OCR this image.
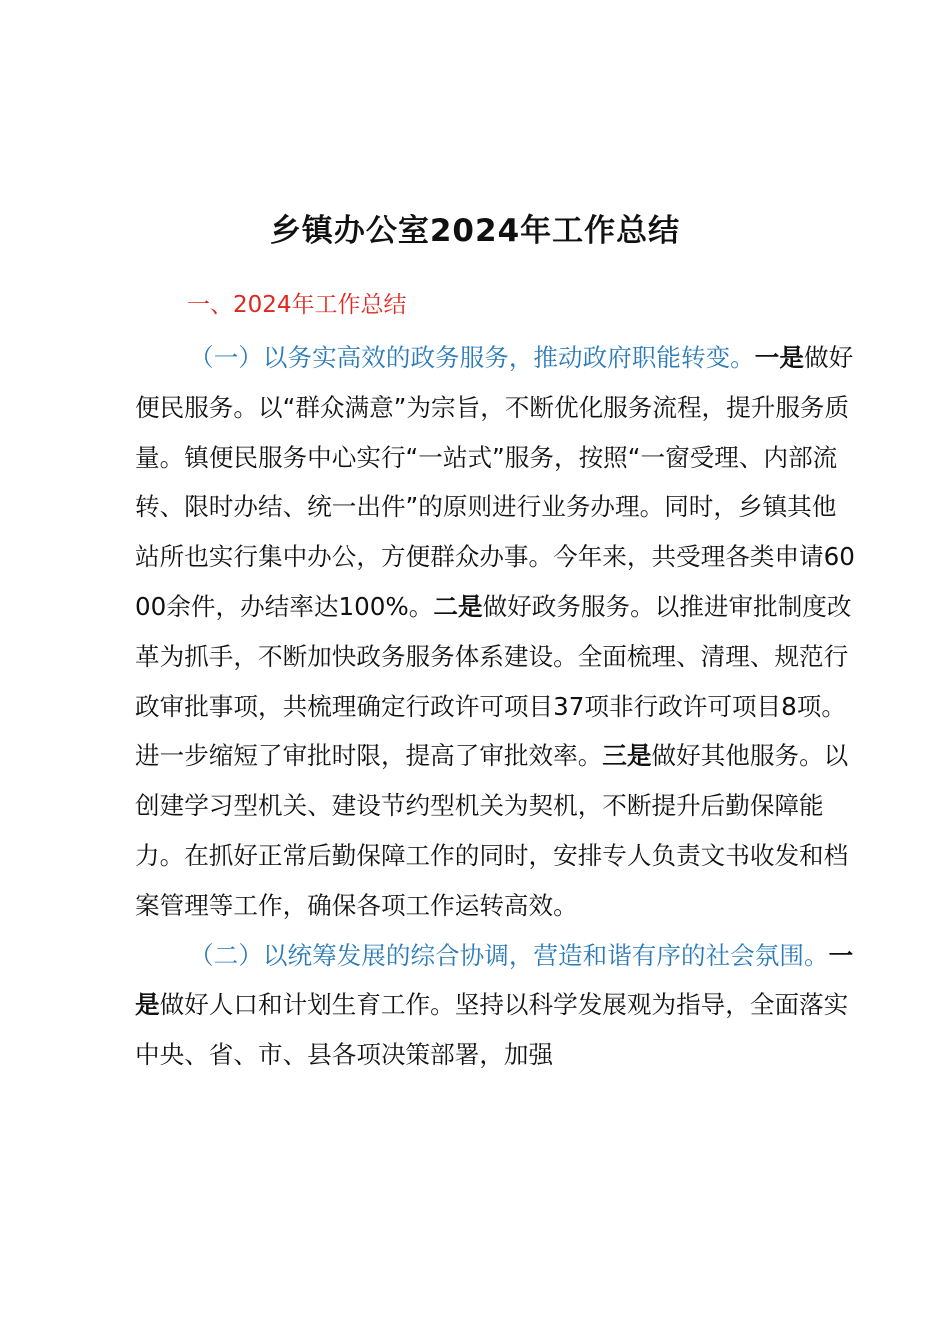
乡镇办公室2024年工作总结
一、2024年工作总结

（一）以务实高效的政务服务，推动政府职能转变。一是做好便民服务。以“群众满意”为宗旨，不断优化服务流程，提升服务质量。镇便民服务中心实行“一站式”服务，按照“一窗受理、内部流转、限时办结、统一出件”的原则进行业务办理。同时，乡镇其他站所也实行集中办公，方便群众办事。今年来，共受理各类申请6000余件，办结率达100%。二是做好政务服务。以推进审批制度改革为抓手，不断加快政务服务体系建设。全面梳理、清理、规范行政审批事项，共梳理确定行政许可项目37项非行政许可项目8项。进一步缩短了审批时限，提高了审批效率。三是做好其他服务。以创建学习型机关、建设节约型机关为契机，不断提升后勤保障能力。在抓好正常后勤保障工作的同时，安排专人负责文书收发和档案管理等工作，确保各项工作运转高效。

（二）以统筹发展的综合协调，营造和谐有序的社会氛围。一是做好人口和计划生育工作。坚持以科学发展观为指导，全面落实中央、省、市、县各项决策部署，加强
